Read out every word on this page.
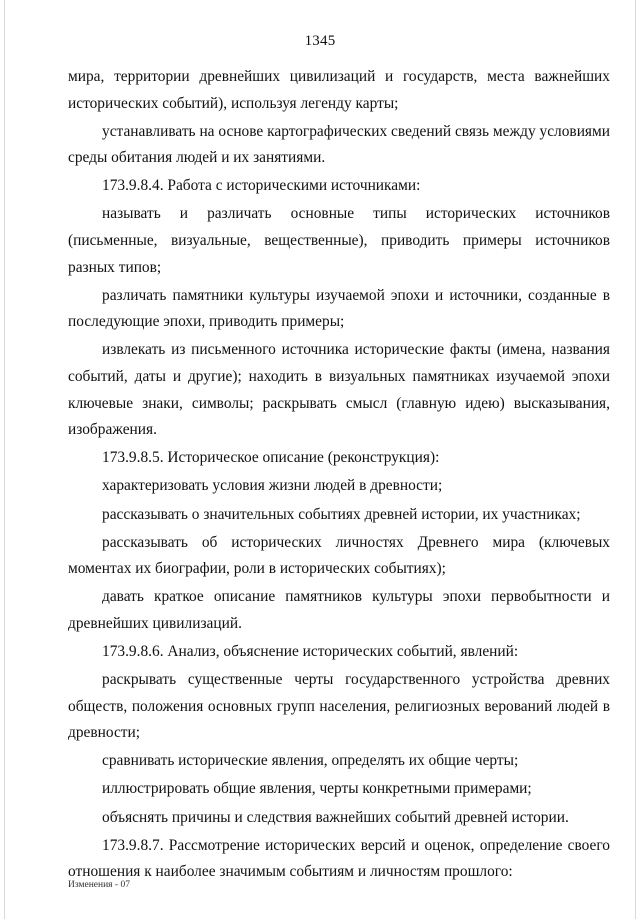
1345

мира, территории древнейших цивилизаций и государств, места важнейших исторических событий), используя легенду карты;

устанавливать на основе картографических сведений связь между условиями среды обитания людей и их занятиями.

173.9.8.4. Работа с историческими источниками:

называть и различать основные типы исторических источников (письменные, визуальные, вещественные), приводить примеры источников разных типов;

различать памятники культуры изучаемой эпохи и источники, созданные в последующие эпохи, приводить примеры;

извлекать из письменного источника исторические факты (имена, названия событий, даты и другие); находить в визуальных памятниках изучаемой эпохи ключевые знаки, символы; раскрывать смысл (главную идею) высказывания, изображения.

173.9.8.5. Историческое описание (реконструкция):

характеризовать условия жизни людей в древности;

рассказывать о значительных событиях древней истории, их участниках;

рассказывать об исторических личностях Древнего мира (ключевых моментах их биографии, роли в исторических событиях);

давать краткое описание памятников культуры эпохи первобытности и древнейших цивилизаций.

173.9.8.6. Анализ, объяснение исторических событий, явлений:

раскрывать существенные черты государственного устройства древних обществ, положения основных групп населения, религиозных верований людей в древности;

сравнивать исторические явления, определять их общие черты;

иллюстрировать общие явления, черты конкретными примерами;

объяснять причины и следствия важнейших событий древней истории.

173.9.8.7. Рассмотрение исторических версий и оценок, определение своего отношения к наиболее значимым событиям и личностям прошлого:

Изменения - 07
